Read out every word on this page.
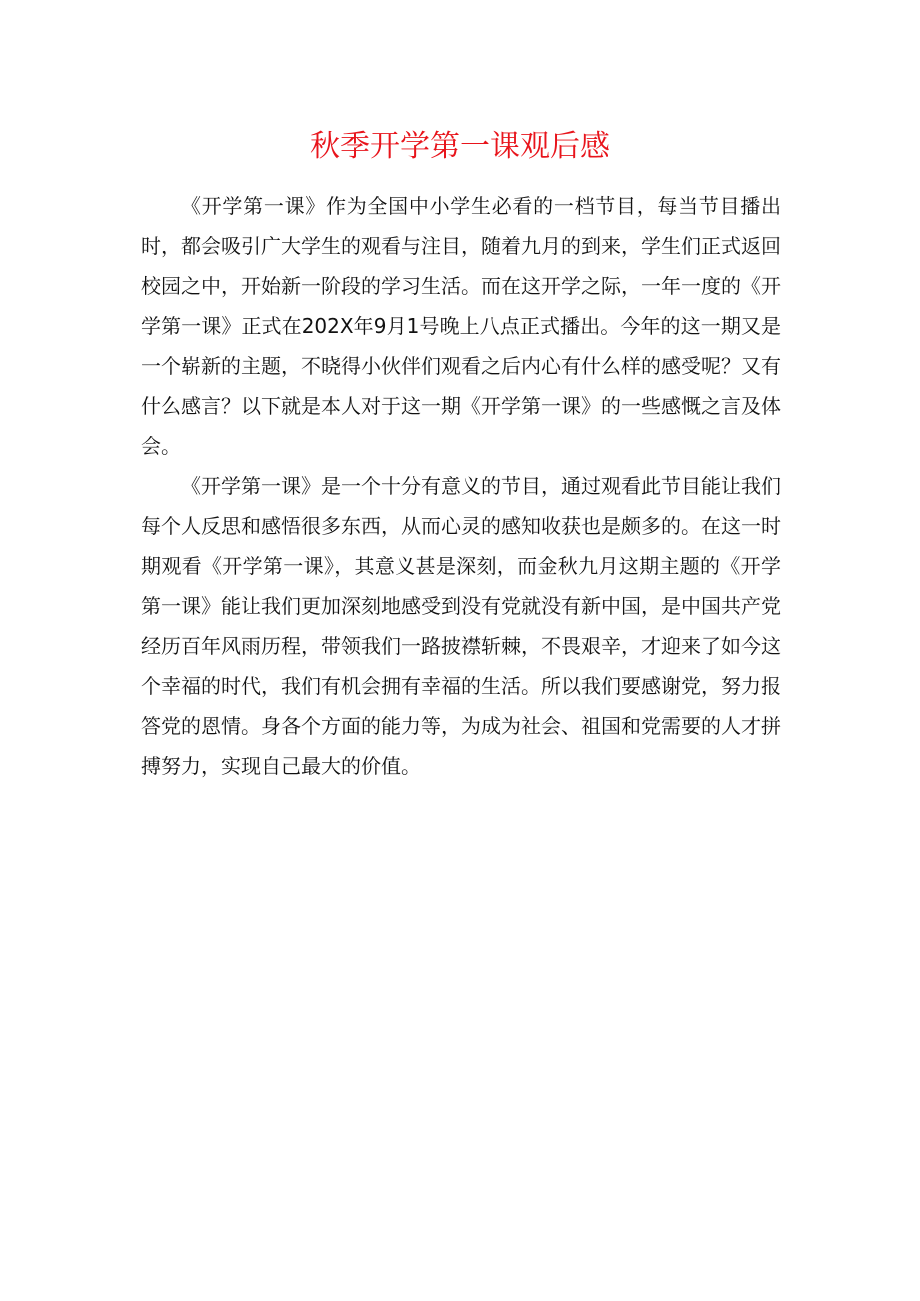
秋季开学第一课观后感

《开学第一课》作为全国中小学生必看的一档节目，每当节目播出时，都会吸引广大学生的观看与注目，随着九月的到来，学生们正式返回校园之中，开始新一阶段的学习生活。而在这开学之际，一年一度的《开学第一课》正式在202X年9月1号晚上八点正式播出。今年的这一期又是一个崭新的主题，不晓得小伙伴们观看之后内心有什么样的感受呢？又有什么感言？以下就是本人对于这一期《开学第一课》的一些感慨之言及体会。

《开学第一课》是一个十分有意义的节目，通过观看此节目能让我们每个人反思和感悟很多东西，从而心灵的感知收获也是颇多的。在这一时期观看《开学第一课》，其意义甚是深刻，而金秋九月这期主题的《开学第一课》能让我们更加深刻地感受到没有党就没有新中国，是中国共产党经历百年风雨历程，带领我们一路披襟斩棘，不畏艰辛，才迎来了如今这个幸福的时代，我们有机会拥有幸福的生活。所以我们要感谢党，努力报答党的恩情。身各个方面的能力等，为成为社会、祖国和党需要的人才拼搏努力，实现自己最大的价值。
